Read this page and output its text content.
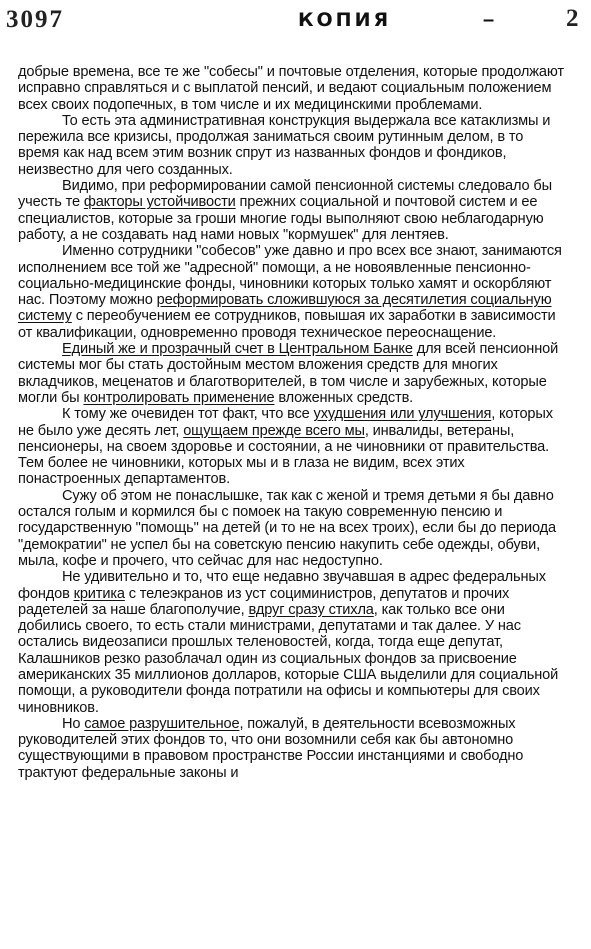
3097	КОПИЯ	–	2

добрые времена, все те же "собесы" и почтовые отделения, которые продолжают исправно справляться и с выплатой пенсий, и ведают социальным положением всех своих подопечных, в том числе и их медицинскими проблемами.

То есть эта административная конструкция выдержала все катаклизмы и пережила все кризисы, продолжая заниматься своим рутинным делом, в то время как над всем этим возник спрут из названных фондов и фондиков, неизвестно для чего созданных.

Видимо, при реформировании самой пенсионной системы следовало бы учесть те факторы устойчивости прежних социальной и почтовой систем и ее специалистов, которые за гроши многие годы выполняют свою неблагодарную работу, а не создавать над нами новых "кормушек" для лентяев.

Именно сотрудники "собесов" уже давно и про всех все знают, занимаются исполнением все той же "адресной" помощи, а не новоявленные пенсионно-социально-медицинские фонды, чиновники которых только хамят и оскорбляют нас. Поэтому можно реформировать сложившуюся за десятилетия социальную систему с переобучением ее сотрудников, повышая их заработки в зависимости от квалификации, одновременно проводя техническое переоснащение.

Единый же и прозрачный счет в Центральном Банке для всей пенсионной системы мог бы стать достойным местом вложения средств для многих вкладчиков, меценатов и благотворителей, в том числе и зарубежных, которые могли бы контролировать применение вложенных средств.

К тому же очевиден тот факт, что все ухудшения или улучшения, которых не было уже десять лет, ощущаем прежде всего мы, инвалиды, ветераны, пенсионеры, на своем здоровье и состоянии, а не чиновники от правительства. Тем более не чиновники, которых мы и в глаза не видим, всех этих понастроенных департаментов.

Сужу об этом не понаслышке, так как с женой и тремя детьми я бы давно остался голым и кормился бы с помоек на такую современную пенсию и государственную "помощь" на детей (и то не на всех троих), если бы до периода "демократии" не успел бы на советскую пенсию накупить себе одежды, обуви, мыла, кофе и прочего, что сейчас для нас недоступно.

Не удивительно и то, что еще недавно звучавшая в адрес федеральных фондов критика с телеэкранов из уст социминистров, депутатов и прочих радетелей за наше благополучие, вдруг сразу стихла, как только все они добились своего, то есть стали министрами, депутатами и так далее. У нас остались видеозаписи прошлых теленовостей, когда, тогда еще депутат, Калашников резко разоблачал один из социальных фондов за присвоение американских 35 миллионов долларов, которые США выделили для социальной помощи, а руководители фонда потратили на офисы и компьютеры для своих чиновников.

Но самое разрушительное, пожалуй, в деятельности всевозможных руководителей этих фондов то, что они возомнили себя как бы автономно существующими в правовом пространстве России инстанциями и свободно трактуют федеральные законы и
